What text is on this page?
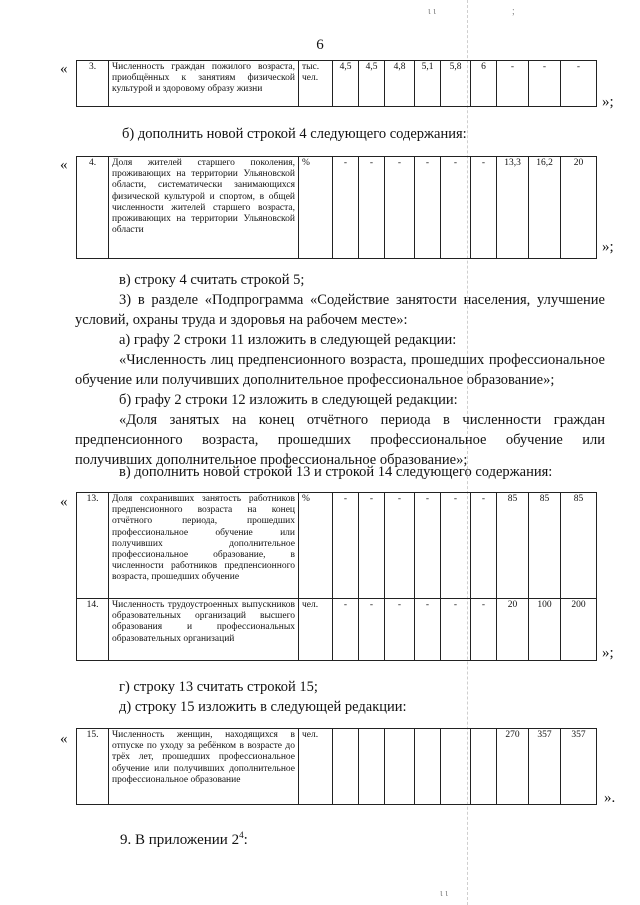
ι ι	;
ι ι
6
« 3.	Численность граждан пожилого возраста, приобщённых к занятиям физической культурой и здоровому образу жизни	тыс. чел.	4,5	4,5	4,8	5,1	5,8	6	-	-	-
»;
б) дополнить новой строкой 4 следующего содержания:
« 4.	Доля жителей старшего поколения, проживающих на территории Ульяновской области, систематически занимающихся физической культурой и спортом, в общей численности жителей старшего возраста, проживающих на территории Ульяновской области	%	-	-	-	-	-	-	13,3	16,2	20
»;
в) строку 4 считать строкой 5;
3) в разделе «Подпрограмма «Содействие занятости населения, улучшение условий, охраны труда и здоровья на рабочем месте»:
а) графу 2 строки 11 изложить в следующей редакции:
«Численность лиц предпенсионного возраста, прошедших профессиональное обучение или получивших дополнительное профессиональное образование»;
б) графу 2 строки 12 изложить в следующей редакции:
«Доля занятых на конец отчётного периода в численности граждан предпенсионного возраста, прошедших профессиональное обучение или получивших дополнительное профессиональное образование»;
в) дополнить новой строкой 13 и строкой 14 следующего содержания:
« 13.	Доля сохранивших занятость работников предпенсионного возраста на конец отчётного периода, прошедших профессиональное обучение или получивших дополнительное профессиональное образование, в численности работников предпенсионного возраста, прошедших обучение	%	-	-	-	-	-	-	85	85	85
14.	Численность трудоустроенных выпускников образовательных организаций высшего образования и профессиональных образовательных организаций	чел.	-	-	-	-	-	-	20	100	200
»;
г) строку 13 считать строкой 15;
д) строку 15 изложить в следующей редакции:
« 15.	Численность женщин, находящихся в отпуске по уходу за ребёнком в возрасте до трёх лет, прошедших профессиональное обучение или получивших дополнительное профессиональное образование	чел.							270	357	357
».
9. В приложении $2^4$:
